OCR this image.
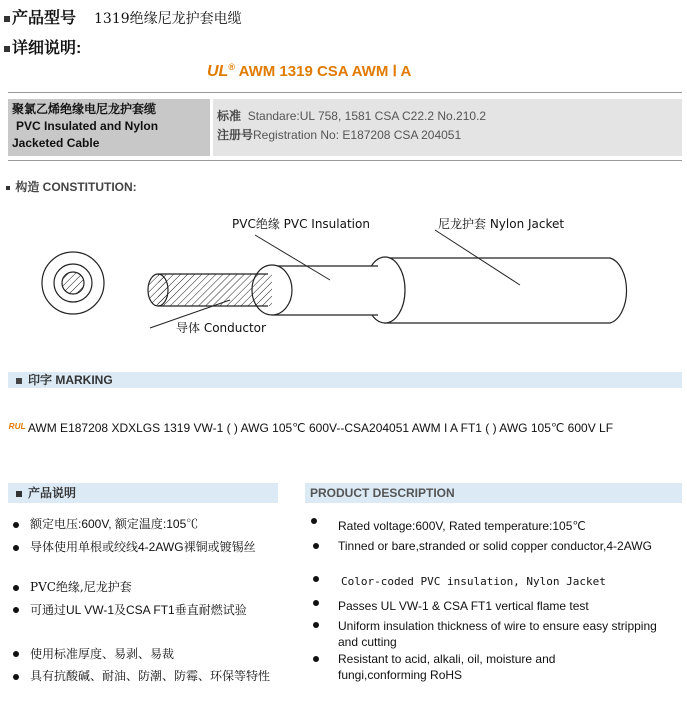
产品型号 1319绝缘尼龙护套电缆
详细说明:
UL® AWM 1319 CSA AWM Ⅰ A
聚氯乙烯绝缘电尼龙护套缆
PVC Insulated and Nylon
Jacketed Cable
标准 Standare:UL 758, 1581 CSA C22.2 No.210.2
注册号Registration No: E187208 CSA 204051
构造 CONSTITUTION:
PVC绝缘 PVC Insulation	尼龙护套 Nylon Jacket
导体 Conductor
印字 MARKING
ᴿᵁᴸ AWM E187208 XDXLGS 1319 VW-1 ( ) AWG 105℃ 600V--CSA204051 AWM I A FT1 ( ) AWG 105℃ 600V LF
产品说明	PRODUCT DESCRIPTION
额定电压:600V, 额定温度:105℃
导体使用单根或绞线4-2AWG裸铜或镀锡丝
PVC绝缘,尼龙护套
可通过UL VW-1及CSA FT1垂直耐燃试验
使用标准厚度、易剥、易裁
具有抗酸碱、耐油、防潮、防霉、环保等特性
Rated voltage:600V, Rated temperature:105℃
Tinned or bare,stranded or solid copper conductor,4-2AWG
Color-coded PVC insulation, Nylon Jacket
Passes UL VW-1 & CSA FT1 vertical flame test
Uniform insulation thickness of wire to ensure easy stripping and cutting
Resistant to acid, alkali, oil, moisture and fungi,conforming RoHS
